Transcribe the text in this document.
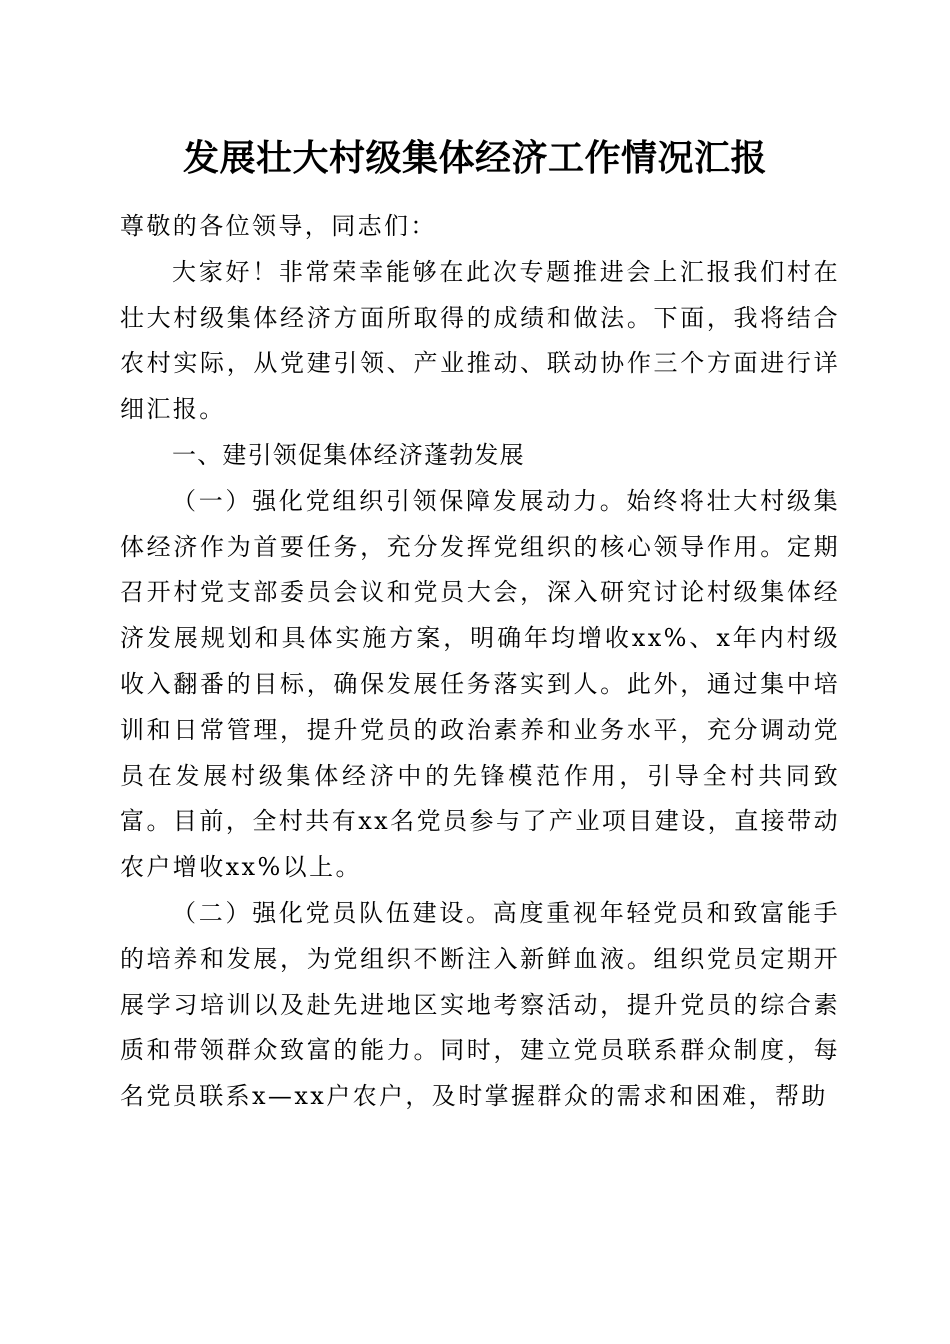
发展壮大村级集体经济工作情况汇报

尊敬的各位领导，同志们：

大家好！非常荣幸能够在此次专题推进会上汇报我们村在壮大村级集体经济方面所取得的成绩和做法。下面，我将结合农村实际，从党建引领、产业推动、联动协作三个方面进行详细汇报。

一、建引领促集体经济蓬勃发展

（一）强化党组织引领保障发展动力。始终将壮大村级集体经济作为首要任务，充分发挥党组织的核心领导作用。定期召开村党支部委员会议和党员大会，深入研究讨论村级集体经济发展规划和具体实施方案，明确年均增收xx%、x年内村级收入翻番的目标，确保发展任务落实到人。此外，通过集中培训和日常管理，提升党员的政治素养和业务水平，充分调动党员在发展村级集体经济中的先锋模范作用，引导全村共同致富。目前，全村共有xx名党员参与了产业项目建设，直接带动农户增收xx%以上。

（二）强化党员队伍建设。高度重视年轻党员和致富能手的培养和发展，为党组织不断注入新鲜血液。组织党员定期开展学习培训以及赴先进地区实地考察活动，提升党员的综合素质和带领群众致富的能力。同时，建立党员联系群众制度，每名党员联系x—xx户农户，及时掌握群众的需求和困难，帮助
